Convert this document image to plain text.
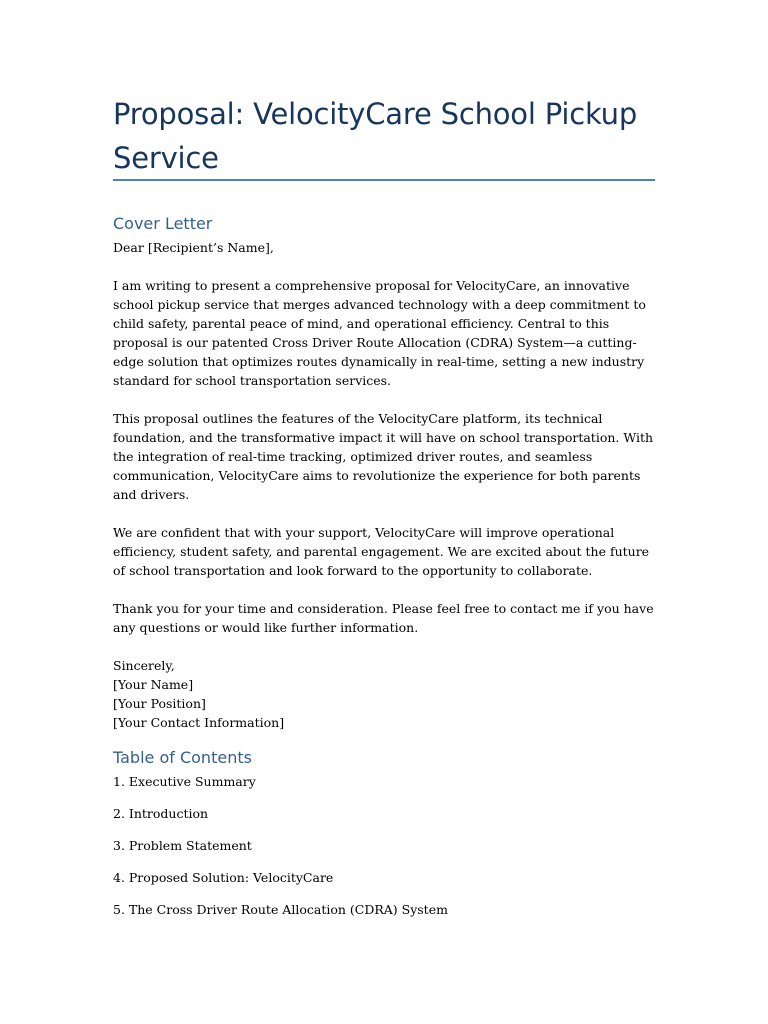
Proposal: VelocityCare School Pickup Service
Cover Letter

Dear [Recipient’s Name],

I am writing to present a comprehensive proposal for VelocityCare, an innovative school pickup service that merges advanced technology with a deep commitment to child safety, parental peace of mind, and operational efficiency. Central to this proposal is our patented Cross Driver Route Allocation (CDRA) System—a cutting-edge solution that optimizes routes dynamically in real-time, setting a new industry standard for school transportation services.

This proposal outlines the features of the VelocityCare platform, its technical foundation, and the transformative impact it will have on school transportation. With the integration of real-time tracking, optimized driver routes, and seamless communication, VelocityCare aims to revolutionize the experience for both parents and drivers.

We are confident that with your support, VelocityCare will improve operational efficiency, student safety, and parental engagement. We are excited about the future of school transportation and look forward to the opportunity to collaborate.

Thank you for your time and consideration. Please feel free to contact me if you have any questions or would like further information.

Sincerely,

[Your Name]

[Your Position]

[Your Contact Information]

Table of Contents
1. Executive Summary
2. Introduction
3. Problem Statement
4. Proposed Solution: VelocityCare
5. The Cross Driver Route Allocation (CDRA) System
